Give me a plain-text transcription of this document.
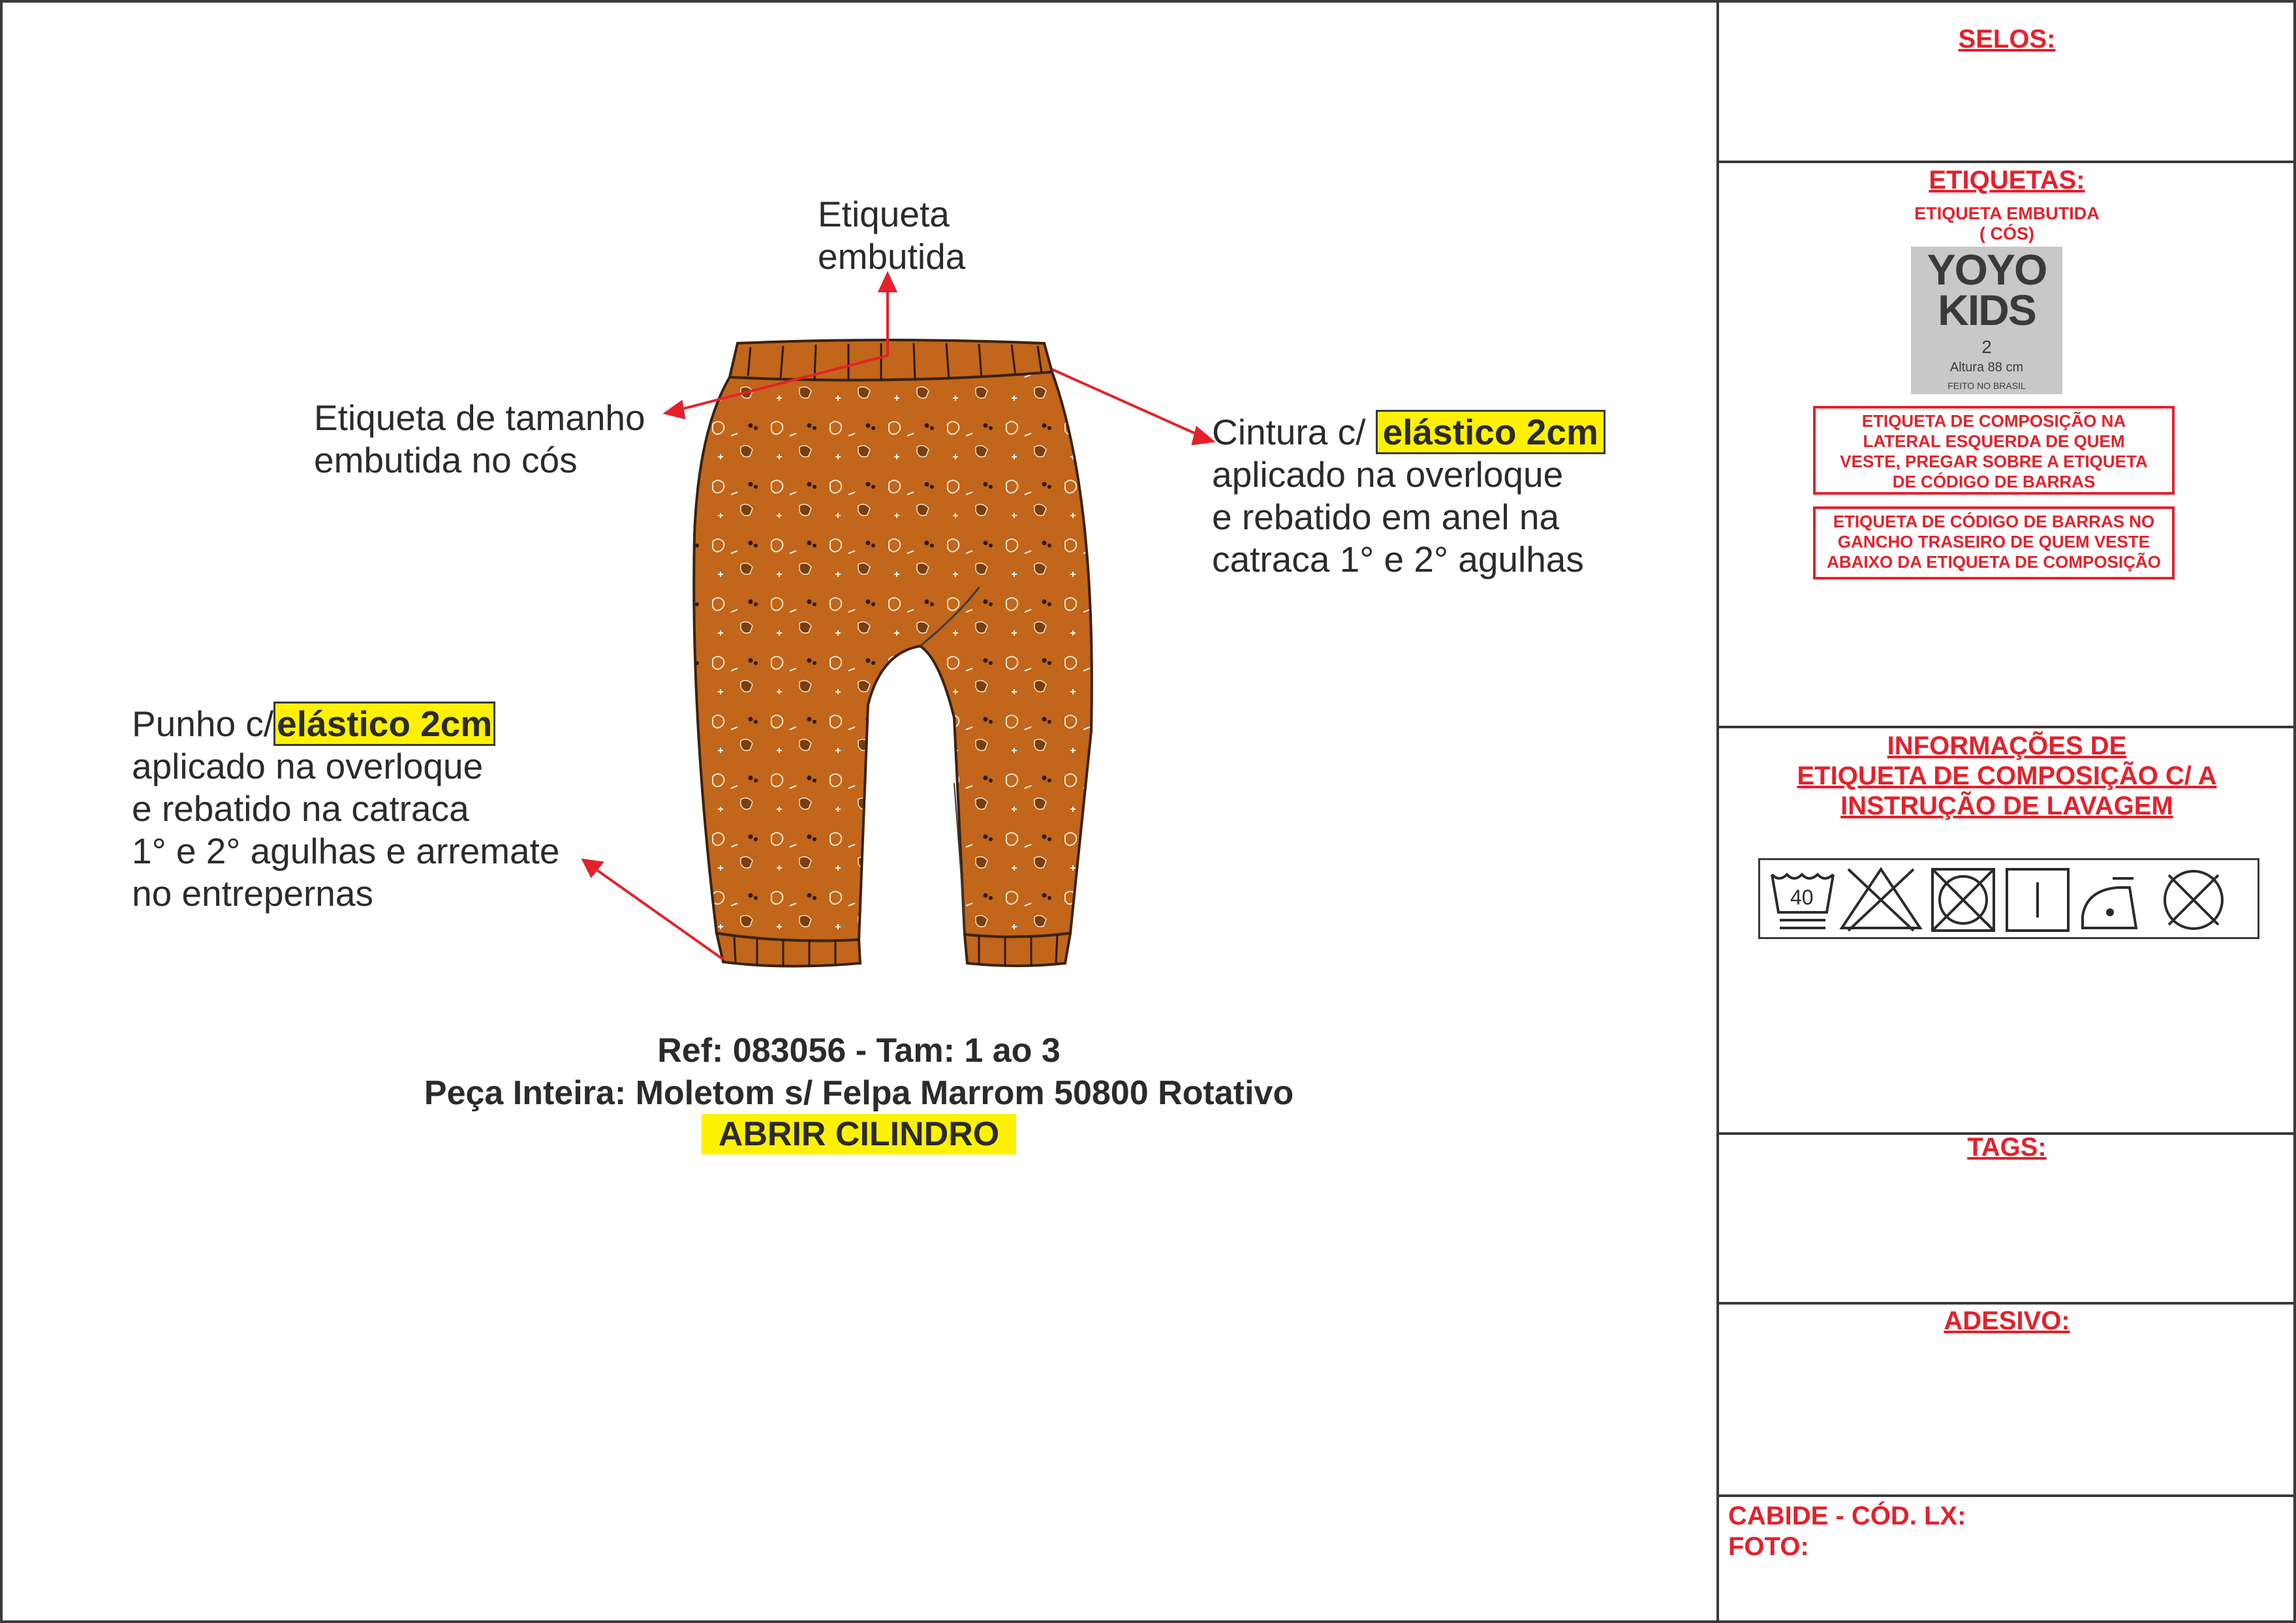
Etiqueta
embutida
Etiqueta de tamanho
embutida no cós
Cintura c/ elástico 2cm
aplicado na overloque
e rebatido em anel na
catraca 1° e 2° agulhas
Punho c/elástico 2cm
aplicado na overloque
e rebatido na catraca
1° e 2° agulhas e arremate
no entrepernas
Ref: 083056 - Tam: 1 ao 3
Peça Inteira: Moletom s/ Felpa Marrom 50800 Rotativo
ABRIR CILINDRO
SELOS:
ETIQUETAS:
ETIQUETA EMBUTIDA
( CÓS)
YOYO
KIDS
2
Altura 88 cm
FEITO NO BRASIL
ETIQUETA DE COMPOSIÇÃO NA
LATERAL ESQUERDA DE QUEM
VESTE, PREGAR SOBRE A ETIQUETA
DE CÓDIGO DE BARRAS
ETIQUETA DE CÓDIGO DE BARRAS NO
GANCHO TRASEIRO DE QUEM VESTE
ABAIXO DA ETIQUETA DE COMPOSIÇÃO
INFORMAÇÕES DE
ETIQUETA DE COMPOSIÇÃO C/ A
INSTRUÇÃO DE LAVAGEM
40
TAGS:
ADESIVO:
CABIDE - CÓD. LX:
FOTO:
